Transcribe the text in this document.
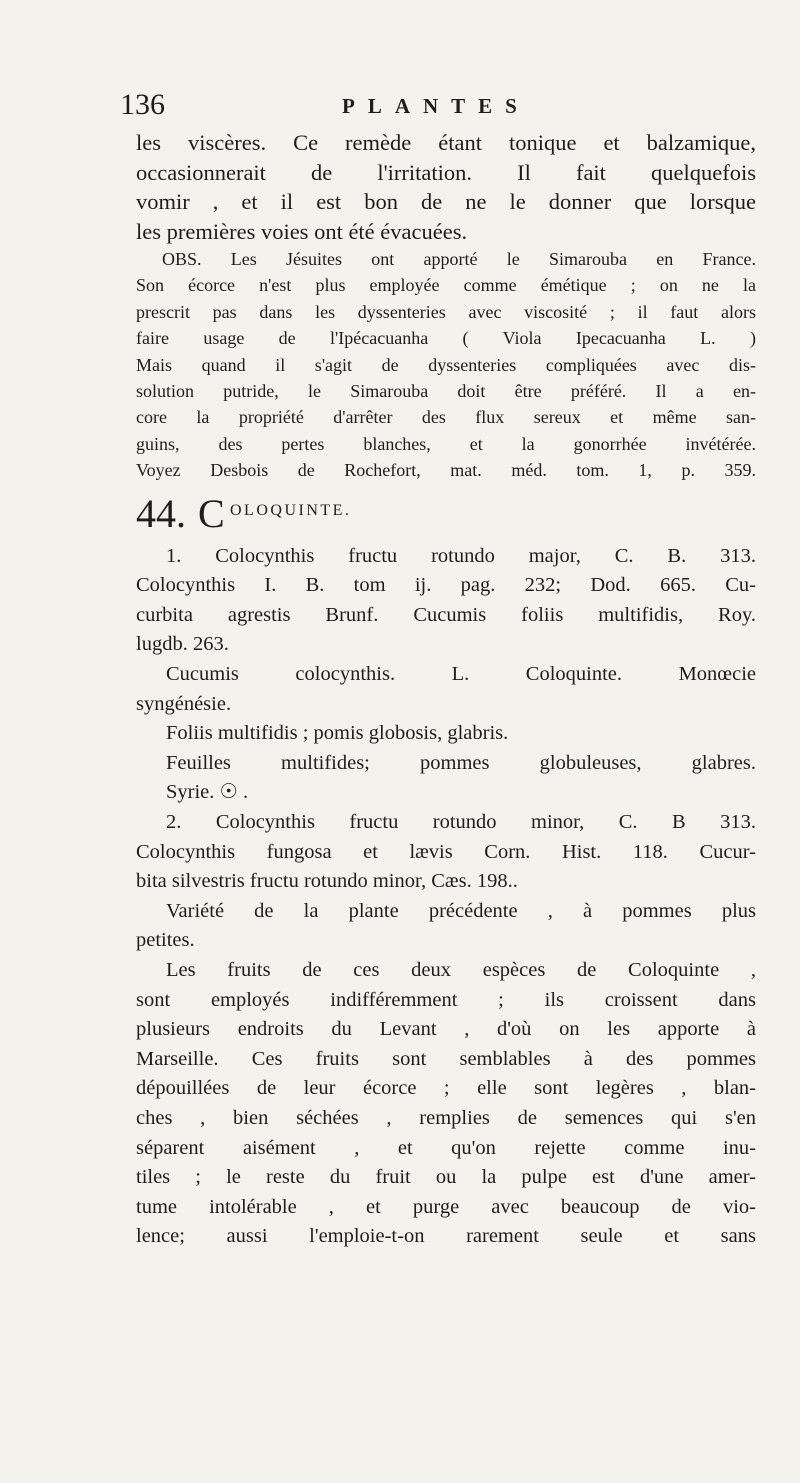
136	PLANTES
les viscères. Ce remède étant tonique et balzamique,
occasionnerait de l'irritation. Il fait quelquefois
vomir , et il est bon de ne le donner que lorsque
les premières voies ont été évacuées.
OBS. Les Jésuites ont apporté le Simarouba en France.
Son écorce n'est plus employée comme émétique ; on ne la
prescrit pas dans les dyssenteries avec viscosité ; il faut alors
faire usage de l'Ipécacuanha ( Viola Ipecacuanha L. )
Mais quand il s'agit de dyssenteries compliquées avec dis-
solution putride, le Simarouba doit être préféré. Il a en-
core la propriété d'arrêter des flux sereux et même san-
guins, des pertes blanches, et la gonorrhée invétérée.
Voyez Desbois de Rochefort, mat. méd. tom. 1, p. 359.
44. C OLOQUINTE.
1. Colocynthis fructu rotundo major, C. B. 313.
Colocynthis I. B. tom ij. pag. 232; Dod. 665. Cu-
curbita agrestis Brunf. Cucumis foliis multifidis, Roy.
lugdb. 263.
Cucumis colocynthis. L. Coloquinte. Monœcie
syngénésie.
Foliis multifidis ; pomis globosis, glabris.
Feuilles multifides; pommes globuleuses, glabres.
Syrie. ☉ .
2. Colocynthis fructu rotundo minor, C. B 313.
Colocynthis fungosa et lævis Corn. Hist. 118. Cucur-
bita silvestris fructu rotundo minor, Cæs. 198..
Variété de la plante précédente , à pommes plus
petites.
Les fruits de ces deux espèces de Coloquinte ,
sont employés indifféremment ; ils croissent dans
plusieurs endroits du Levant , d'où on les apporte à
Marseille. Ces fruits sont semblables à des pommes
dépouillées de leur écorce ; elle sont legères , blan-
ches , bien séchées , remplies de semences qui s'en
séparent aisément , et qu'on rejette comme inu-
tiles ; le reste du fruit ou la pulpe est d'une amer-
tume intolérable , et purge avec beaucoup de vio-
lence; aussi l'emploie-t-on rarement seule et sans
